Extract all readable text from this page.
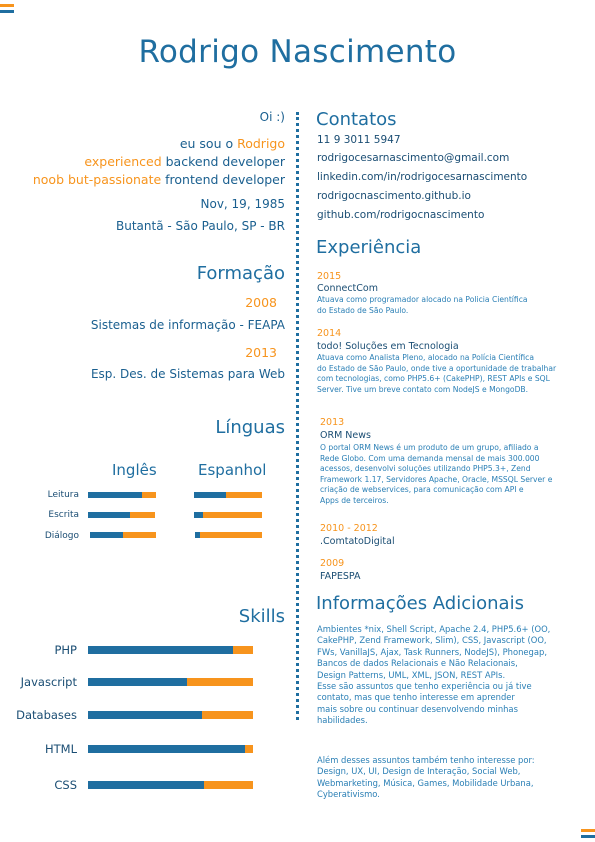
Rodrigo Nascimento
Oi :)
eu sou o Rodrigo
experienced backend developer
noob but-passionate frontend developer
Nov, 19, 1985
Butantã - São Paulo, SP - BR
Formação
2008
Sistemas de informação - FEAPA
2013
Esp. Des. de Sistemas para Web
Línguas
Inglês	Espanhol
Leitura
Escrita
Diálogo
Skills
PHP
Javascript
Databases
HTML
CSS
Contatos
11 9 3011 5947
rodrigocesarnascimento@gmail.com
linkedin.com/in/rodrigocesarnascimento
rodrigocnascimento.github.io
github.com/rodrigocnascimento
Experiência
2015
ConnectCom
Atuava como programador alocado na Policia Científica
do Estado de São Paulo.
2014
todo! Soluções em Tecnologia
Atuava como Analista Pleno, alocado na Polícia Científica
do Estado de São Paulo, onde tive a oportunidade de trabalhar
com tecnologias, como PHP5.6+ (CakePHP), REST APIs e SQL
Server. Tive um breve contato com NodeJS e MongoDB.
2013
ORM News
O portal ORM News é um produto de um grupo, afiliado a
Rede Globo. Com uma demanda mensal de mais 300.000
acessos, desenvolvi soluções utilizando PHP5.3+, Zend
Framework 1.17, Servidores Apache, Oracle, MSSQL Server e
criação de webservices, para comunicação com API e
Apps de terceiros.
2010 - 2012
.ComtatoDigital
2009
FAPESPA
Informações Adicionais
Ambientes *nix, Shell Script, Apache 2.4, PHP5.6+ (OO,
CakePHP, Zend Framework, Slim), CSS, Javascript (OO,
FWs, VanillaJS, Ajax, Task Runners, NodeJS), Phonegap,
Bancos de dados Relacionais e Não Relacionais,
Design Patterns, UML, XML, JSON, REST APIs.
Esse são assuntos que tenho experiência ou já tive
contato, mas que tenho interesse em aprender
mais sobre ou continuar desenvolvendo minhas
habilidades.
Além desses assuntos também tenho interesse por:
Design, UX, UI, Design de Interação, Social Web,
Webmarketing, Música, Games, Mobilidade Urbana,
Cyberativismo.
